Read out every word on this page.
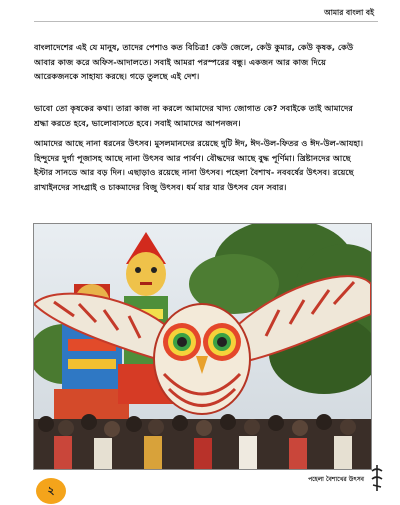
আমার বাংলা বই

বাংলাদেশের এই যে মানুষ, তাদের পেশাও কত বিচিত্র! কেউ জেলে, কেউ কুমার, কেউ কৃষক, কেউ আবার কাজ করে অফিস-আদালতে। সবাই আমরা পরস্পরের বন্ধু। একজন আর কাজ দিয়ে আরেকজনকে সাহায্য করছে। গড়ে তুলছে এই দেশ।

ভাবো তো কৃষকের কথা। তারা কাজ না করলে আমাদের খাদ্য জোগাত কে? সবাইকে তাই আমাদের শ্রদ্ধা করতে হবে, ভালোবাসতে হবে। সবাই আমাদের আপনজন।

আমাদের আছে নানা ধরনের উৎসব। মুসলমানদের রয়েছে দুটি ঈদ, ঈদ-উল-ফিতর ও ঈদ-উল-আযহা। হিন্দুদের দুর্গা পূজাসহ আছে নানা উৎসব আর পার্বণ। বৌদ্ধদের আছে বুদ্ধ পূর্ণিমা। খ্রিষ্টানদের আছে ইস্টার সানডে আর বড় দিন। এছাড়াও রয়েছে নানা উৎসব। পহেলা বৈশাখ- নববর্ষের উৎসব। রয়েছে রাখাইনদের সাংগ্রাই ও চাকমাদের বিজু উৎসব। ধর্ম যার যার উৎসব যেন সবার।

২
পহেলা বৈশাখের উৎসব
